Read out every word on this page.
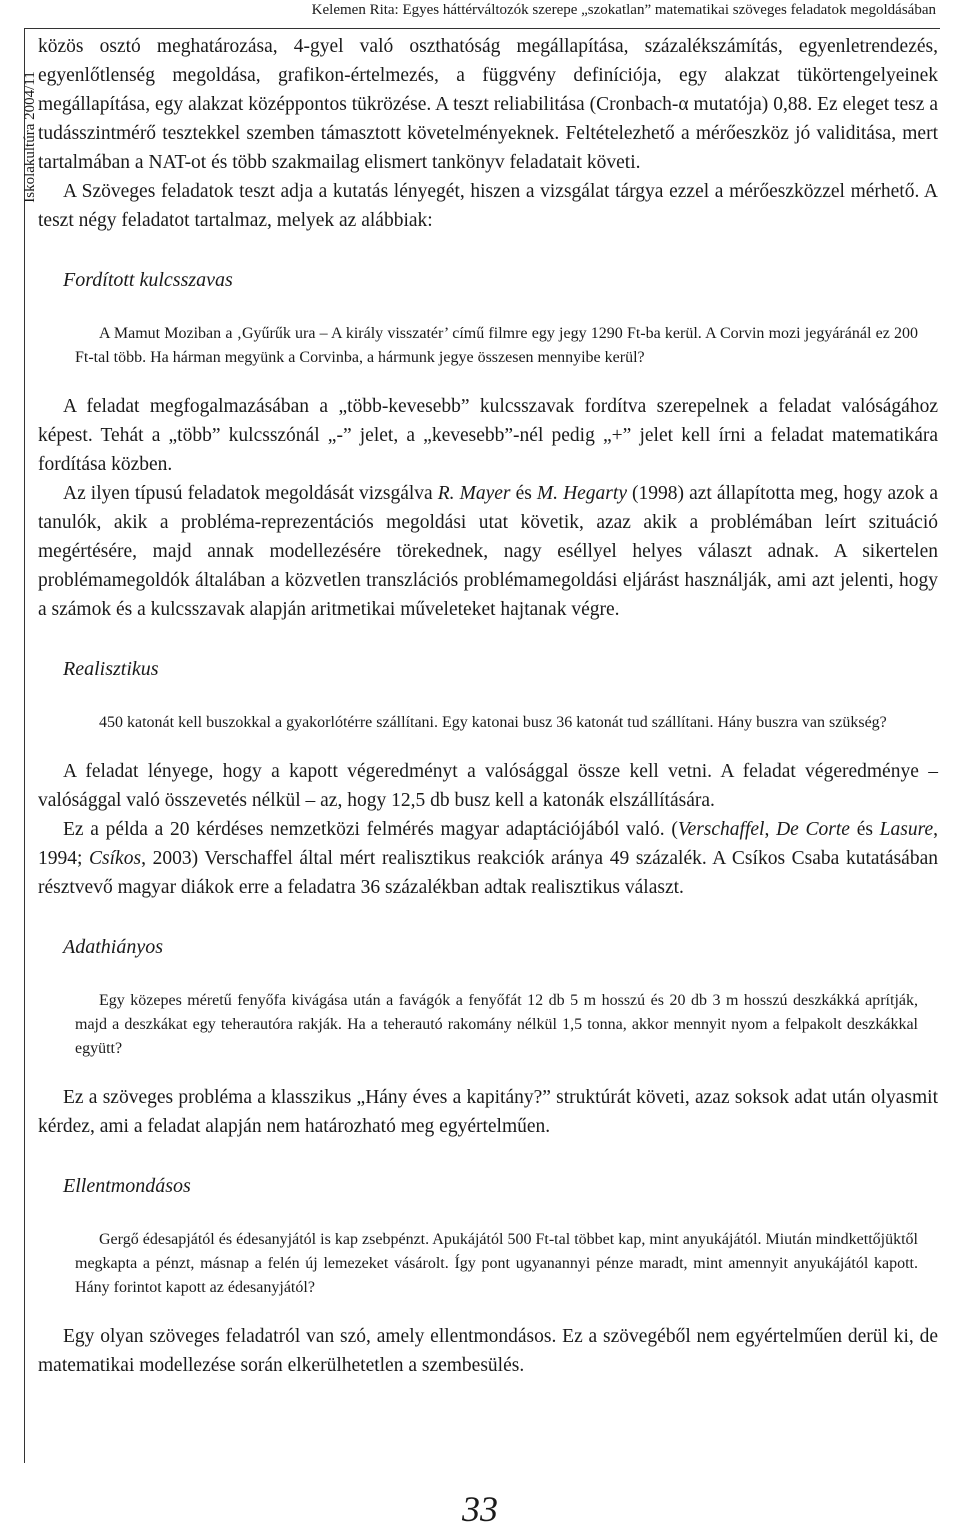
Kelemen Rita: Egyes háttérváltozók szerepe „szokatlan” matematikai szöveges feladatok megoldásában
Iskolakultúra 2004/11

közös osztó meghatározása, 4-gyel való oszthatóság megállapítása, százalékszámítás, egyenletrendezés, egyenlőtlenség megoldása, grafikon-értelmezés, a függvény definíciója, egy alakzat tükörtengelyeinek megállapítása, egy alakzat középpontos tükrözése. A teszt reliabilitása (Cronbach-α mutatója) 0,88. Ez eleget tesz a tudásszintmérő tesztekkel szemben támasztott követelményeknek. Feltételezhető a mérőeszköz jó validitása, mert tartalmában a NAT-ot és több szakmailag elismert tankönyv feladatait követi.

A Szöveges feladatok teszt adja a kutatás lényegét, hiszen a vizsgálat tárgya ezzel a mérőeszközzel mérhető. A teszt négy feladatot tartalmaz, melyek az alábbiak:

Fordított kulcsszavas

A Mamut Moziban a ‚Gyűrűk ura – A király visszatér’ című filmre egy jegy 1290 Ft-ba kerül. A Corvin mozi jegyáránál ez 200 Ft-tal több. Ha hárman megyünk a Corvinba, a hármunk jegye összesen mennyibe kerül?

A feladat megfogalmazásában a „több-kevesebb” kulcsszavak fordítva szerepelnek a feladat valóságához képest. Tehát a „több” kulcsszónál „-” jelet, a „kevesebb”-nél pedig „+” jelet kell írni a feladat matematikára fordítása közben.

Az ilyen típusú feladatok megoldását vizsgálva R. Mayer és M. Hegarty (1998) azt állapította meg, hogy azok a tanulók, akik a probléma-reprezentációs megoldási utat követik, azaz akik a problémában leírt szituáció megértésére, majd annak modellezésére törekednek, nagy eséllyel helyes választ adnak. A sikertelen problémamegoldók általában a közvetlen transzlációs problémamegoldási eljárást használják, ami azt jelenti, hogy a számok és a kulcsszavak alapján aritmetikai műveleteket hajtanak végre.

Realisztikus

450 katonát kell buszokkal a gyakorlótérre szállítani. Egy katonai busz 36 katonát tud szállítani. Hány buszra van szükség?

A feladat lényege, hogy a kapott végeredményt a valósággal össze kell vetni. A feladat végeredménye – valósággal való összevetés nélkül – az, hogy 12,5 db busz kell a katonák elszállítására.

Ez a példa a 20 kérdéses nemzetközi felmérés magyar adaptációjából való. (Verschaffel, De Corte és Lasure, 1994; Csíkos, 2003) Verschaffel által mért realisztikus reakciók aránya 49 százalék. A Csíkos Csaba kutatásában résztvevő magyar diákok erre a feladatra 36 százalékban adtak realisztikus választ.

Adathiányos

Egy közepes méretű fenyőfa kivágása után a favágók a fenyőfát 12 db 5 m hosszú és 20 db 3 m hosszú deszkákká aprítják, majd a deszkákat egy teherautóra rakják. Ha a teherautó rakomány nélkül 1,5 tonna, akkor mennyit nyom a felpakolt deszkákkal együtt?

Ez a szöveges probléma a klasszikus „Hány éves a kapitány?” struktúrát követi, azaz soksok adat után olyasmit kérdez, ami a feladat alapján nem határozható meg egyértelműen.

Ellentmondásos

Gergő édesapjától és édesanyjától is kap zsebpénzt. Apukájától 500 Ft-tal többet kap, mint anyukájától. Miután mindkettőjüktől megkapta a pénzt, másnap a felén új lemezeket vásárolt. Így pont ugyanannyi pénze maradt, mint amennyit anyukájától kapott. Hány forintot kapott az édesanyjától?

Egy olyan szöveges feladatról van szó, amely ellentmondásos. Ez a szövegéből nem egyértelműen derül ki, de matematikai modellezése során elkerülhetetlen a szembesülés.

33
